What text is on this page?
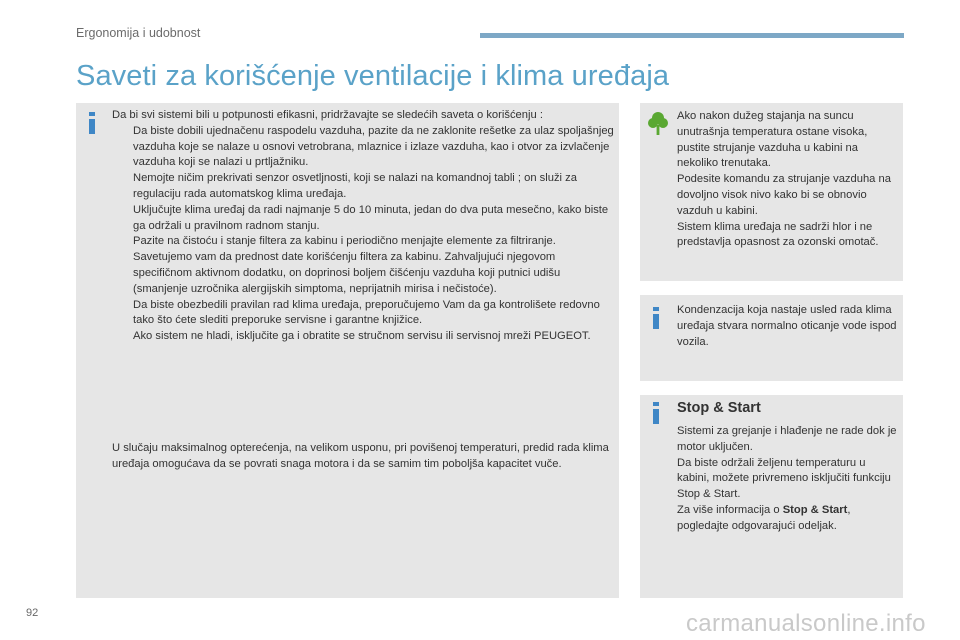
Ergonomija i udobnost
Saveti za korišćenje ventilacije i klima uređaja

Da bi svi sistemi bili u potpunosti efikasni, pridržavajte se sledećih saveta o korišćenju :

Da biste dobili ujednačenu raspodelu vazduha, pazite da ne zaklonite rešetke za ulaz spoljašnjeg vazduha koje se nalaze u osnovi vetrobrana, mlaznice i izlaze vazduha, kao i otvor za izvlačenje vazduha koji se nalazi u prtljažniku.
Nemojte ničim prekrivati senzor osvetljnosti, koji se nalazi na komandnoj tabli ; on služi za regulaciju rada automatskog klima uređaja.
Uključujte klima uređaj da radi najmanje 5 do 10 minuta, jedan do dva puta mesečno, kako biste ga održali u pravilnom radnom stanju.
Pazite na čistoću i stanje filtera za kabinu i periodično menjajte elemente za filtriranje. Savetujemo vam da prednost date korišćenju filtera za kabinu. Zahvaljujući njegovom specifičnom aktivnom dodatku, on doprinosi boljem čišćenju vazduha koji putnici udišu (smanjenje uzročnika alergijskih simptoma, neprijatnih mirisa i nečistoće).
Da biste obezbedili pravilan rad klima uređaja, preporučujemo Vam da ga kontrolišete redovno tako što ćete slediti preporuke servisne i garantne knjižice.
Ako sistem ne hladi, isključite ga i obratite se stručnom servisu ili servisnoj mreži PEUGEOT.

U slučaju maksimalnog opterećenja, na velikom usponu, pri povišenoj temperaturi, predid rada klima uređaja omogućava da se povrati snaga motora i da se samim tim poboljša kapacitet vuče.

Ako nakon dužeg stajanja na suncu unutrašnja temperatura ostane visoka, pustite strujanje vazduha u kabini na nekoliko trenutaka.

Podesite komandu za strujanje vazduha na dovoljno visok nivo kako bi se obnovio vazduh u kabini.

Sistem klima uređaja ne sadrži hlor i ne predstavlja opasnost za ozonski omotač.

Kondenzacija koja nastaje usled rada klima uređaja stvara normalno oticanje vode ispod vozila.

Stop & Start

Sistemi za grejanje i hlađenje ne rade dok je motor uključen.

Da biste održali željenu temperaturu u kabini, možete privremeno isključiti funkciju Stop & Start.

Za više informacija o Stop & Start,

pogledajte odgovarajući odeljak.

92	carmanualsonline.info
